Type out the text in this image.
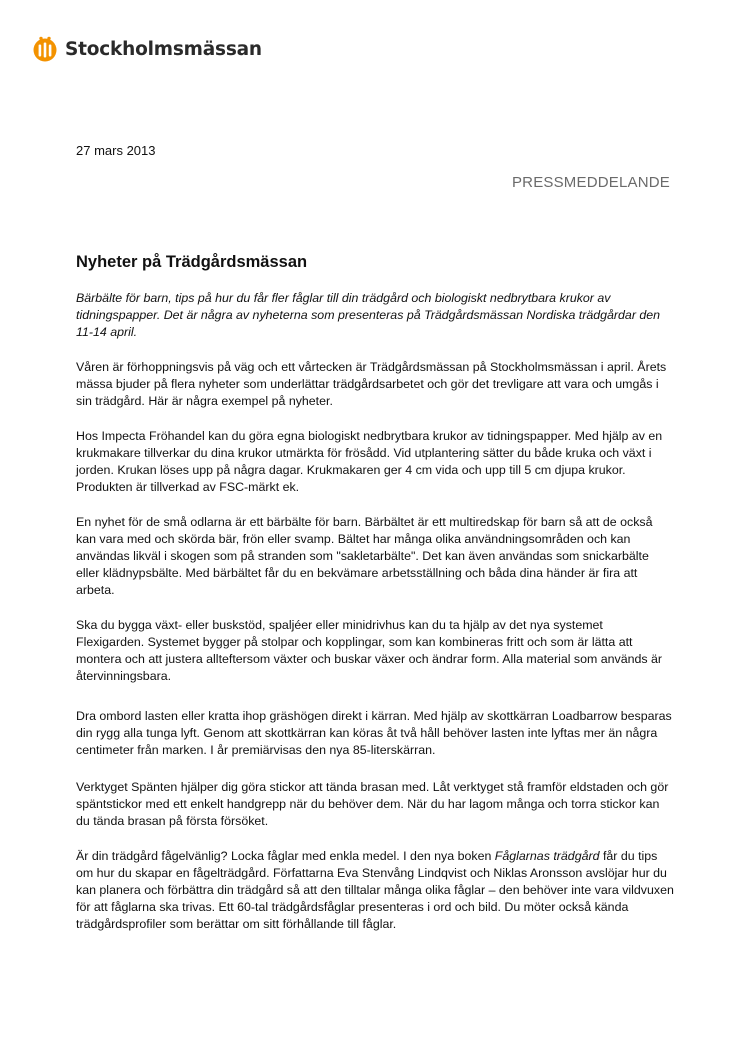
Stockholmsmässan
27 mars 2013
PRESSMEDDELANDE
Nyheter på Trädgårdsmässan

Bärbälte för barn, tips på hur du får fler fåglar till din trädgård och biologiskt nedbrytbara krukor av tidningspapper. Det är några av nyheterna som presenteras på Trädgårdsmässan Nordiska trädgårdar den 11-14 april.

Våren är förhoppningsvis på väg och ett vårtecken är Trädgårdsmässan på Stockholmsmässan i april. Årets mässa bjuder på flera nyheter som underlättar trädgårdsarbetet och gör det trevligare att vara och umgås i sin trädgård. Här är några exempel på nyheter.

Hos Impecta Fröhandel kan du göra egna biologiskt nedbrytbara krukor av tidningspapper. Med hjälp av en krukmakare tillverkar du dina krukor utmärkta för frösådd. Vid utplantering sätter du både kruka och växt i jorden. Krukan löses upp på några dagar. Krukmakaren ger 4 cm vida och upp till 5 cm djupa krukor. Produkten är tillverkad av FSC-märkt ek.

En nyhet för de små odlarna är ett bärbälte för barn. Bärbältet är ett multiredskap för barn så att de också kan vara med och skörda bär, frön eller svamp. Bältet har många olika användningsområden och kan användas likväl i skogen som på stranden som "sakletarbälte". Det kan även användas som snickarbälte eller klädnypsbälte. Med bärbältet får du en bekvämare arbetsställning och båda dina händer är fira att arbeta.

Ska du bygga växt- eller buskstöd, spaljéer eller minidrivhus kan du ta hjälp av det nya systemet Flexigarden. Systemet bygger på stolpar och kopplingar, som kan kombineras fritt och som är lätta att montera och att justera allteftersom växter och buskar växer och ändrar form. Alla material som används är återvinningsbara.

Dra ombord lasten eller kratta ihop gräshögen direkt i kärran. Med hjälp av skottkärran Loadbarrow besparas din rygg alla tunga lyft. Genom att skottkärran kan köras åt två håll behöver lasten inte lyftas mer än några centimeter från marken. I år premiärvisas den nya 85-literskärran.

Verktyget Spänten hjälper dig göra stickor att tända brasan med. Låt verktyget stå framför eldstaden och gör späntstickor med ett enkelt handgrepp när du behöver dem. När du har lagom många och torra stickor kan du tända brasan på första försöket.

Är din trädgård fågelvänlig? Locka fåglar med enkla medel. I den nya boken Fåglarnas trädgård får du tips om hur du skapar en fågelträdgård. Författarna Eva Stenvång Lindqvist och Niklas Aronsson avslöjar hur du kan planera och förbättra din trädgård så att den tilltalar många olika fåglar – den behöver inte vara vildvuxen för att fåglarna ska trivas. Ett 60-tal trädgårdsfåglar presenteras i ord och bild. Du möter också kända trädgårdsprofiler som berättar om sitt förhållande till fåglar.
